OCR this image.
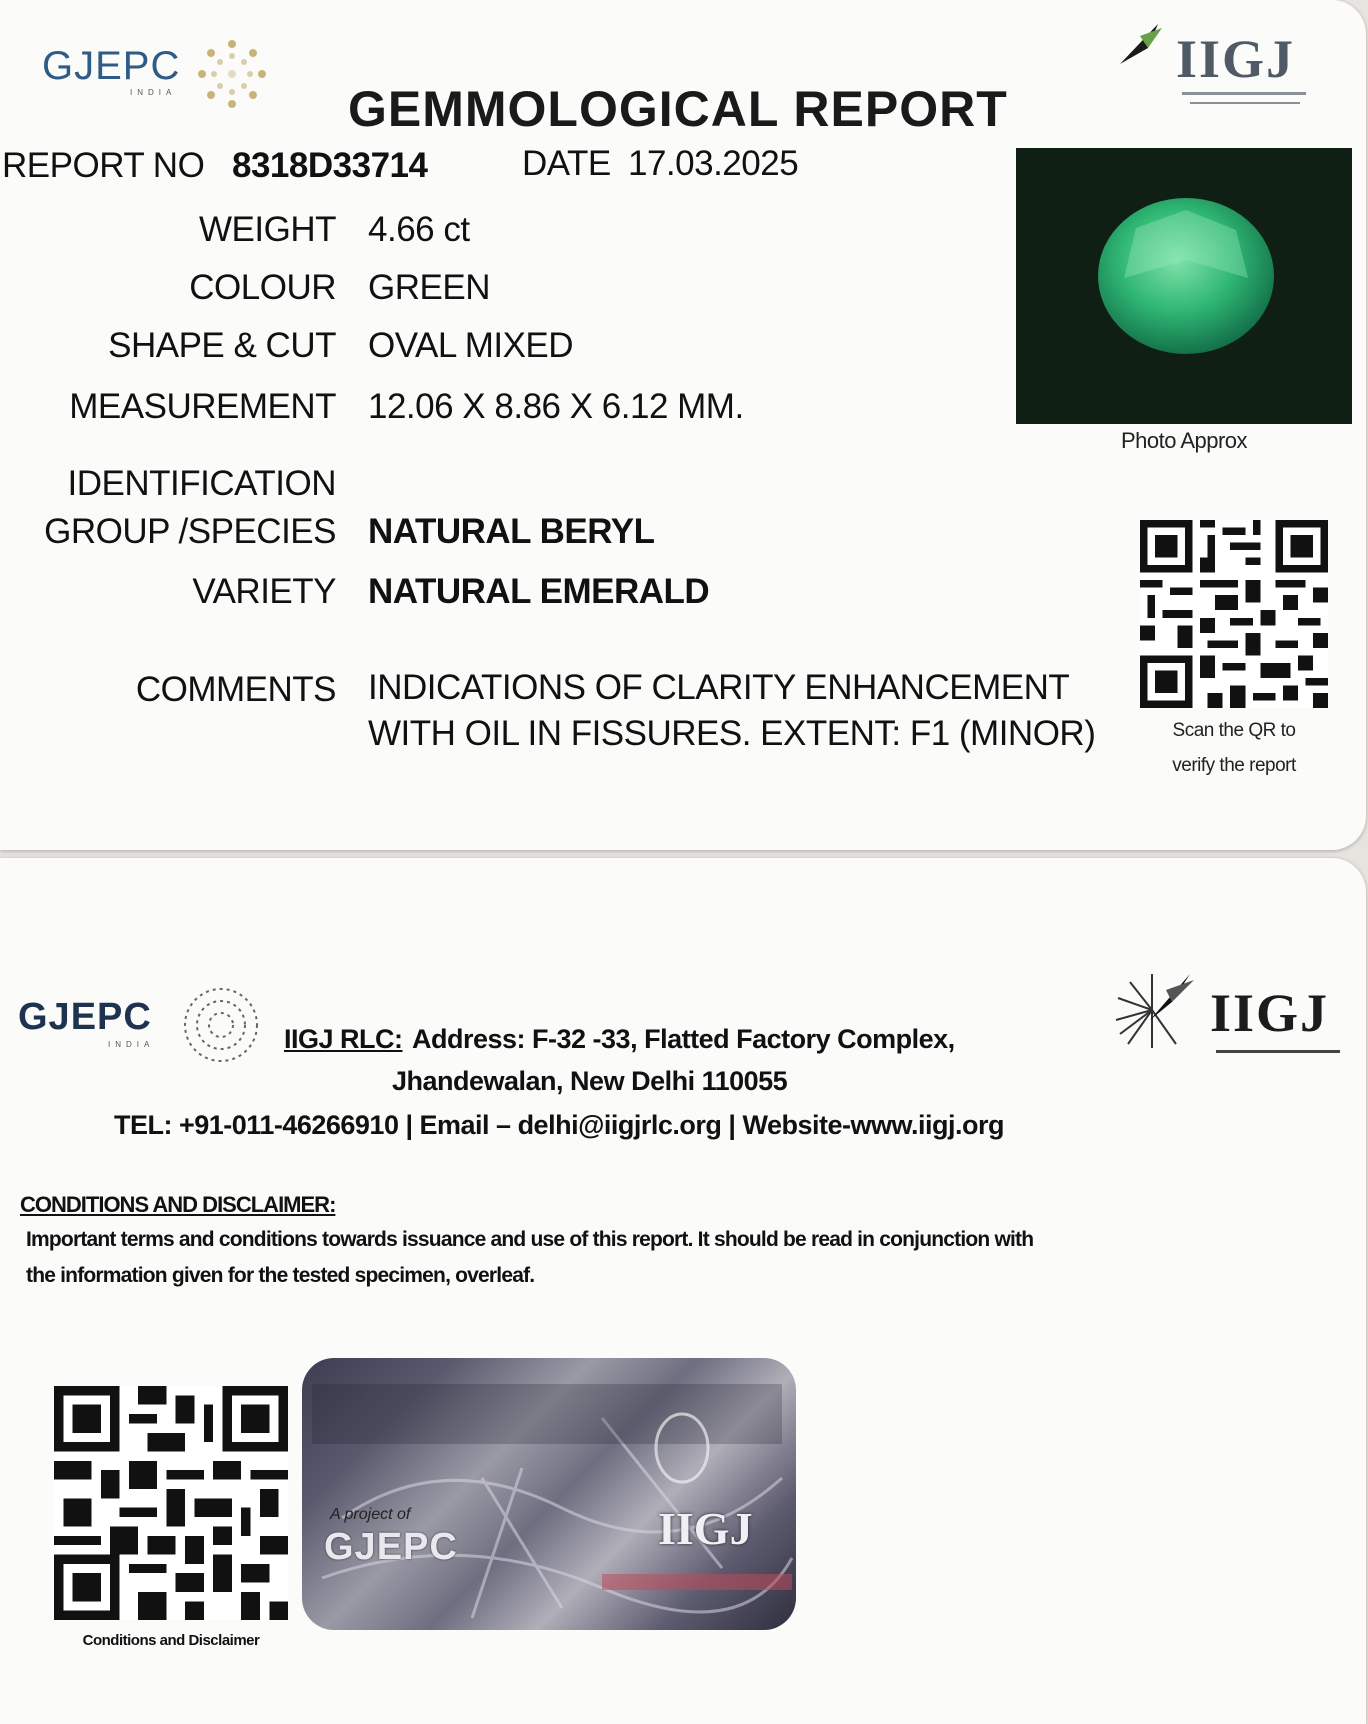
GJEPC
INDIA
IIGJ
GEMMOLOGICAL REPORT
REPORT NO 8318D33714	DATE 17.03.2025
WEIGHT 4.66 ct
COLOUR GREEN
SHAPE & CUT OVAL MIXED
MEASUREMENT 12.06 X 8.86 X 6.12 MM.
IDENTIFICATION
GROUP /SPECIES NATURAL BERYL
VARIETY NATURAL EMERALD
COMMENTS INDICATIONS OF CLARITY ENHANCEMENT
WITH OIL IN FISSURES. EXTENT: F1 (MINOR)
Photo Approx
Scan the QR to
verify the report
GJEPC
INDIA
IIGJ
IIGJ RLC: Address: F-32 -33, Flatted Factory Complex,
Jhandewalan, New Delhi 110055
TEL: +91-011-46266910 | Email – delhi@iigjrlc.org | Website-www.iigj.org
CONDITIONS AND DISCLAIMER:
Important terms and conditions towards issuance and use of this report. It should be read in conjunction with
the information given for the tested specimen, overleaf.
Conditions and Disclaimer
A project of
GJEPC	IIGJ
